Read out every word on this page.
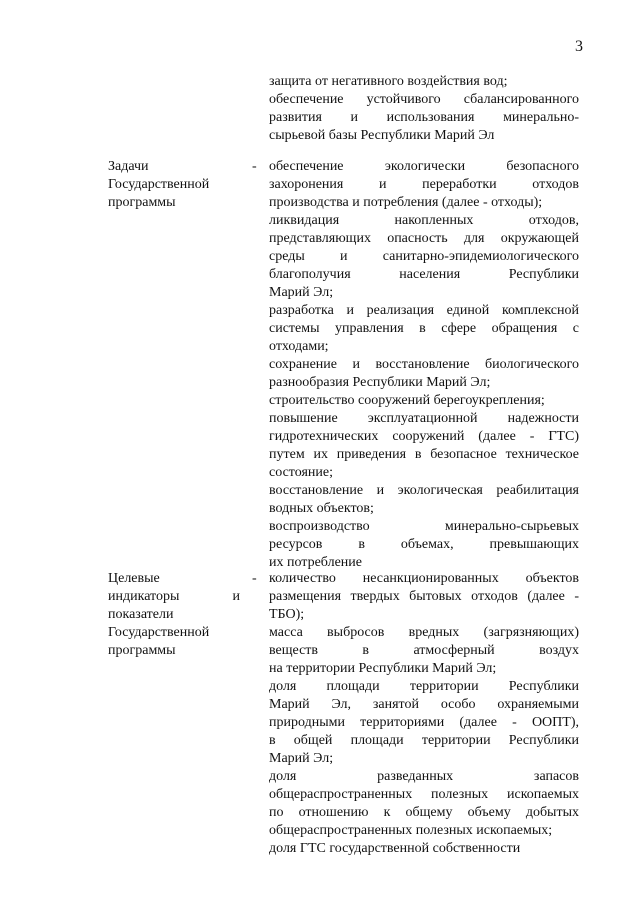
3

защита от негативного воздействия вод;
обеспечение устойчивого сбалансированного
развития и использования минерально-
сырьевой базы Республики Марий Эл

Задачи
Государственной
программы
- обеспечение экологически безопасного
захоронения и переработки отходов
производства и потребления (далее - отходы);

ликвидация накопленных отходов,
представляющих опасность для окружающей
среды и санитарно-эпидемиологического
благополучия населения Республики
Марий Эл;

разработка и реализация единой комплексной
системы управления в сфере обращения с
отходами;

сохранение и восстановление биологического
разнообразия Республики Марий Эл;

строительство сооружений берегоукрепления;

повышение эксплуатационной надежности
гидротехнических сооружений (далее - ГТС)
путем их приведения в безопасное техническое
состояние;

восстановление и экологическая реабилитация
водных объектов;

воспроизводство минерально-сырьевых
ресурсов в объемах, превышающих
их потребление

Целевые
индикаторы и
показатели
Государственной
программы
- количество несанкционированных объектов
размещения твердых бытовых отходов (далее -
ТБО);

масса выбросов вредных (загрязняющих)
веществ в атмосферный воздух
на территории Республики Марий Эл;

доля площади территории Республики
Марий Эл, занятой особо охраняемыми
природными территориями (далее - ООПТ),
в общей площади территории Республики
Марий Эл;

доля разведанных запасов
общераспространенных полезных ископаемых
по отношению к общему объему добытых
общераспространенных полезных ископаемых;

доля ГТС государственной собственности
